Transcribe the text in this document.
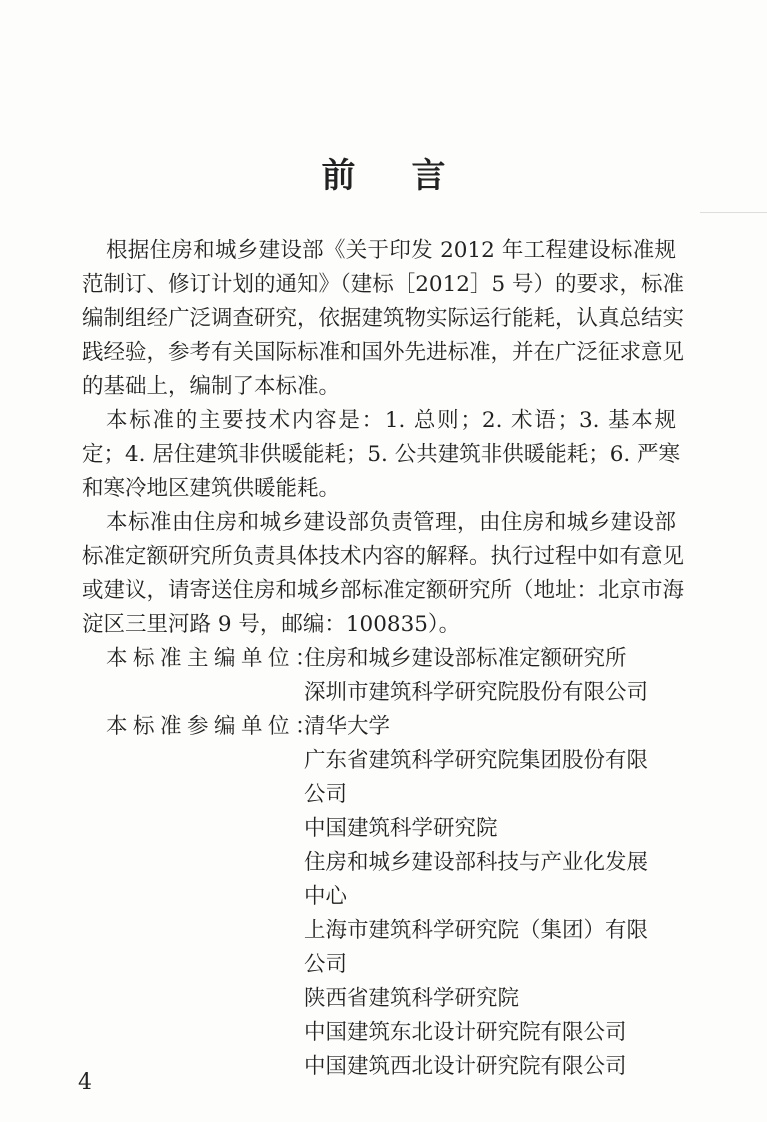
前 言
根据住房和城乡建设部《关于印发 2012 年工程建设标准规
范制订、修订计划的通知》（建标［2012］5 号）的要求，标准
编制组经广泛调查研究，依据建筑物实际运行能耗，认真总结实
践经验，参考有关国际标准和国外先进标准，并在广泛征求意见
的基础上，编制了本标准。
本标准的主要技术内容是：1. 总则；2. 术语；3. 基本规
定；4. 居住建筑非供暖能耗；5. 公共建筑非供暖能耗；6. 严寒
和寒冷地区建筑供暖能耗。
本标准由住房和城乡建设部负责管理，由住房和城乡建设部
标准定额研究所负责具体技术内容的解释。执行过程中如有意见
或建议，请寄送住房和城乡部标准定额研究所（地址：北京市海
淀区三里河路 9 号，邮编：100835）。
本标准主编单位：
住房和城乡建设部标准定额研究所
深圳市建筑科学研究院股份有限公司
本标准参编单位：
清华大学
广东省建筑科学研究院集团股份有限
公司
中国建筑科学研究院
住房和城乡建设部科技与产业化发展
中心
上海市建筑科学研究院（集团）有限
公司
陕西省建筑科学研究院
中国建筑东北设计研究院有限公司
中国建筑西北设计研究院有限公司
4
